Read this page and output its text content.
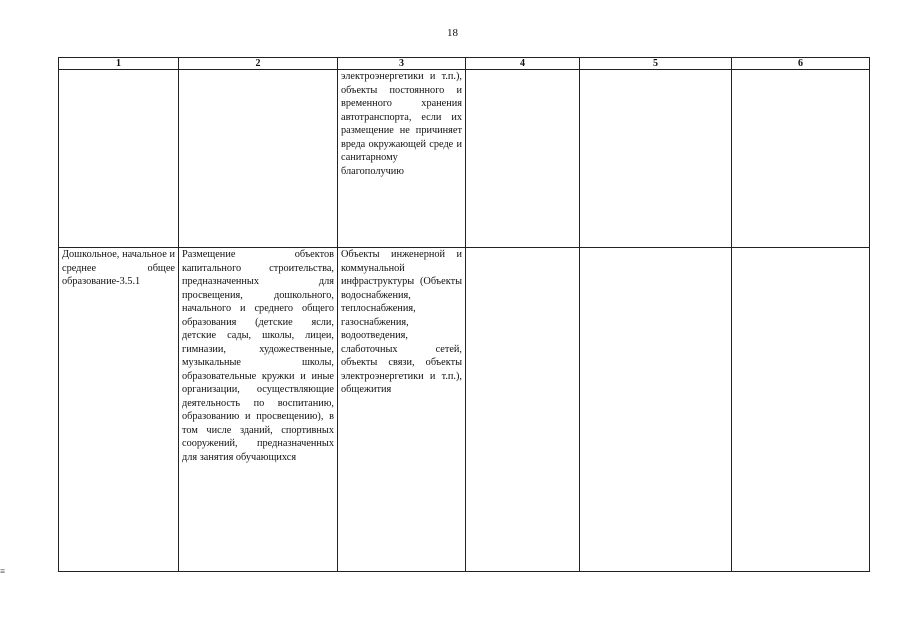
18
1	2	3	4	5	6
		электроэнергетики и т.п.), объекты постоянного и временного хранения автотранспорта, если их размещение не причиняет вреда окружающей среде и санитарному благополучию			
Дошкольное, начальное и среднее общее образование-3.5.1	Размещение объектов капитального строительства, предназначенных для просвещения, дошкольного, начального и среднего общего образования (детские ясли, детские сады, школы, лицеи, гимназии, художественные, музыкальные школы, образовательные кружки и иные организации, осуществляющие деятельность по воспитанию, образованию и просвещению), в том числе зданий, спортивных сооружений, предназначенных для занятия обучающихся	Объекты инженерной и коммунальной инфраструктуры (Объекты водоснабжения, теплоснабжения, газоснабжения, водоотведения, слаботочных сетей, объекты связи, объекты электроэнергетики и т.п.), общежития			
≡
